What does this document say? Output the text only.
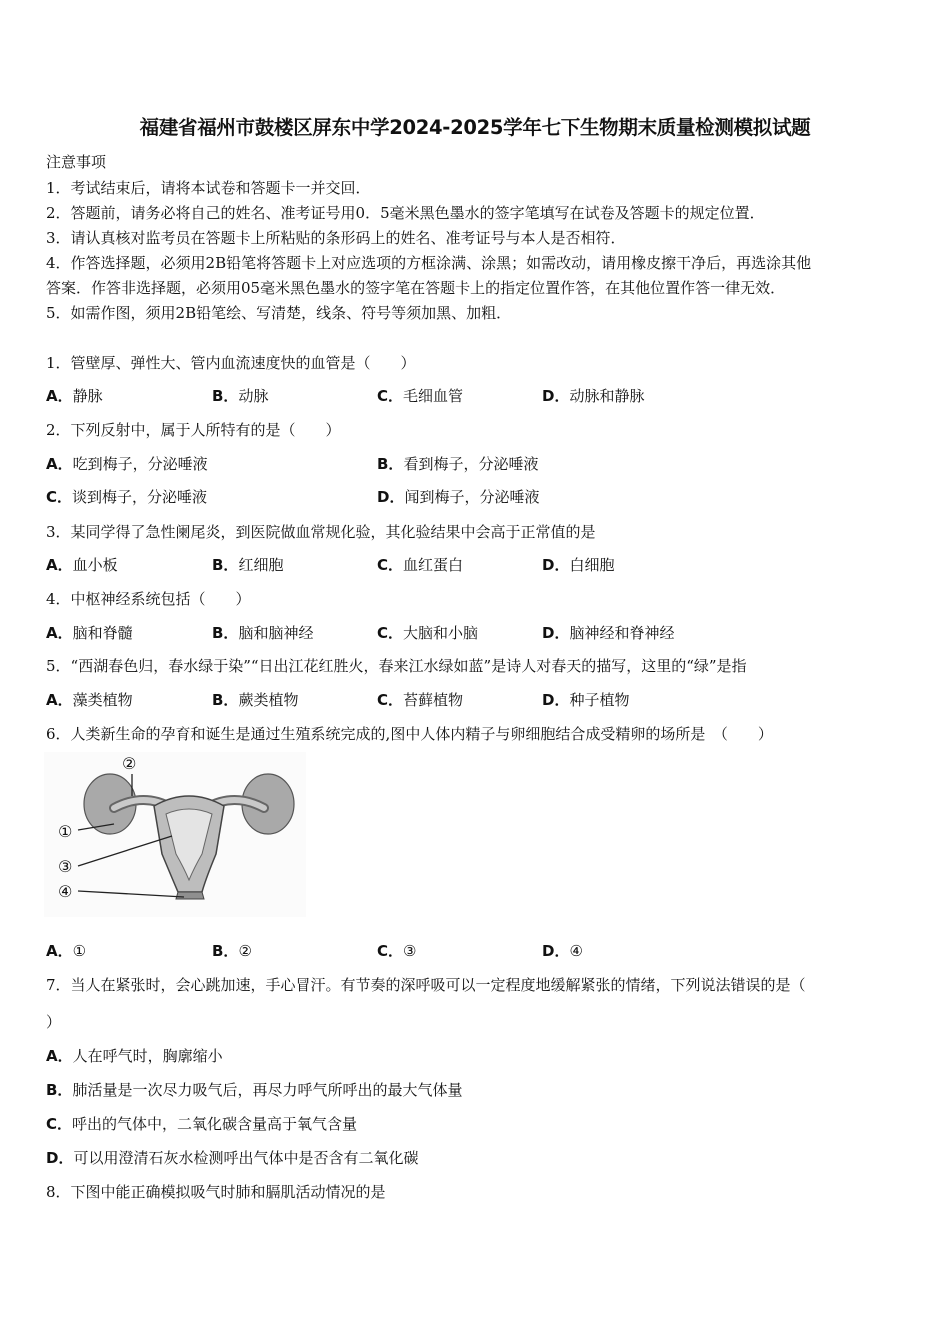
福建省福州市鼓楼区屏东中学2024-2025学年七下生物期末质量检测模拟试题
注意事项
1．考试结束后，请将本试卷和答题卡一并交回．
2．答题前，请务必将自己的姓名、准考证号用0．5毫米黑色墨水的签字笔填写在试卷及答题卡的规定位置．
3．请认真核对监考员在答题卡上所粘贴的条形码上的姓名、准考证号与本人是否相符．
4．作答选择题，必须用2B铅笔将答题卡上对应选项的方框涂满、涂黑；如需改动，请用橡皮擦干净后，再选涂其他
答案．作答非选择题，必须用05毫米黑色墨水的签字笔在答题卡上的指定位置作答，在其他位置作答一律无效．
5．如需作图，须用2B铅笔绘、写清楚，线条、符号等须加黑、加粗．
1．管壁厚、弹性大、管内血流速度快的血管是（　　）
A．静脉	B．动脉	C．毛细血管	D．动脉和静脉
2．下列反射中，属于人所特有的是（　　）
A．吃到梅子，分泌唾液	B．看到梅子，分泌唾液
C．谈到梅子，分泌唾液	D．闻到梅子，分泌唾液
3．某同学得了急性阑尾炎，到医院做血常规化验，其化验结果中会高于正常值的是
A．血小板	B．红细胞	C．血红蛋白	D．白细胞
4．中枢神经系统包括（　　）
A．脑和脊髓	B．脑和脑神经	C．大脑和小脑	D．脑神经和脊神经
5．“西湖春色归，春水绿于染”“日出江花红胜火，春来江水绿如蓝”是诗人对春天的描写，这里的“绿”是指
A．藻类植物	B．蕨类植物	C．苔藓植物	D．种子植物
6．人类新生命的孕育和诞生是通过生殖系统完成的,图中人体内精子与卵细胞结合成受精卵的场所是　（　　）
②
①
③
④
A．①	B．②	C．③	D．④
7．当人在紧张时，会心跳加速，手心冒汗。有节奏的深呼吸可以一定程度地缓解紧张的情绪，下列说法错误的是（
）
A．人在呼气时，胸廓缩小
B．肺活量是一次尽力吸气后，再尽力呼气所呼出的最大气体量
C．呼出的气体中，二氧化碳含量高于氧气含量
D．可以用澄清石灰水检测呼出气体中是否含有二氧化碳
8．下图中能正确模拟吸气时肺和膈肌活动情况的是
